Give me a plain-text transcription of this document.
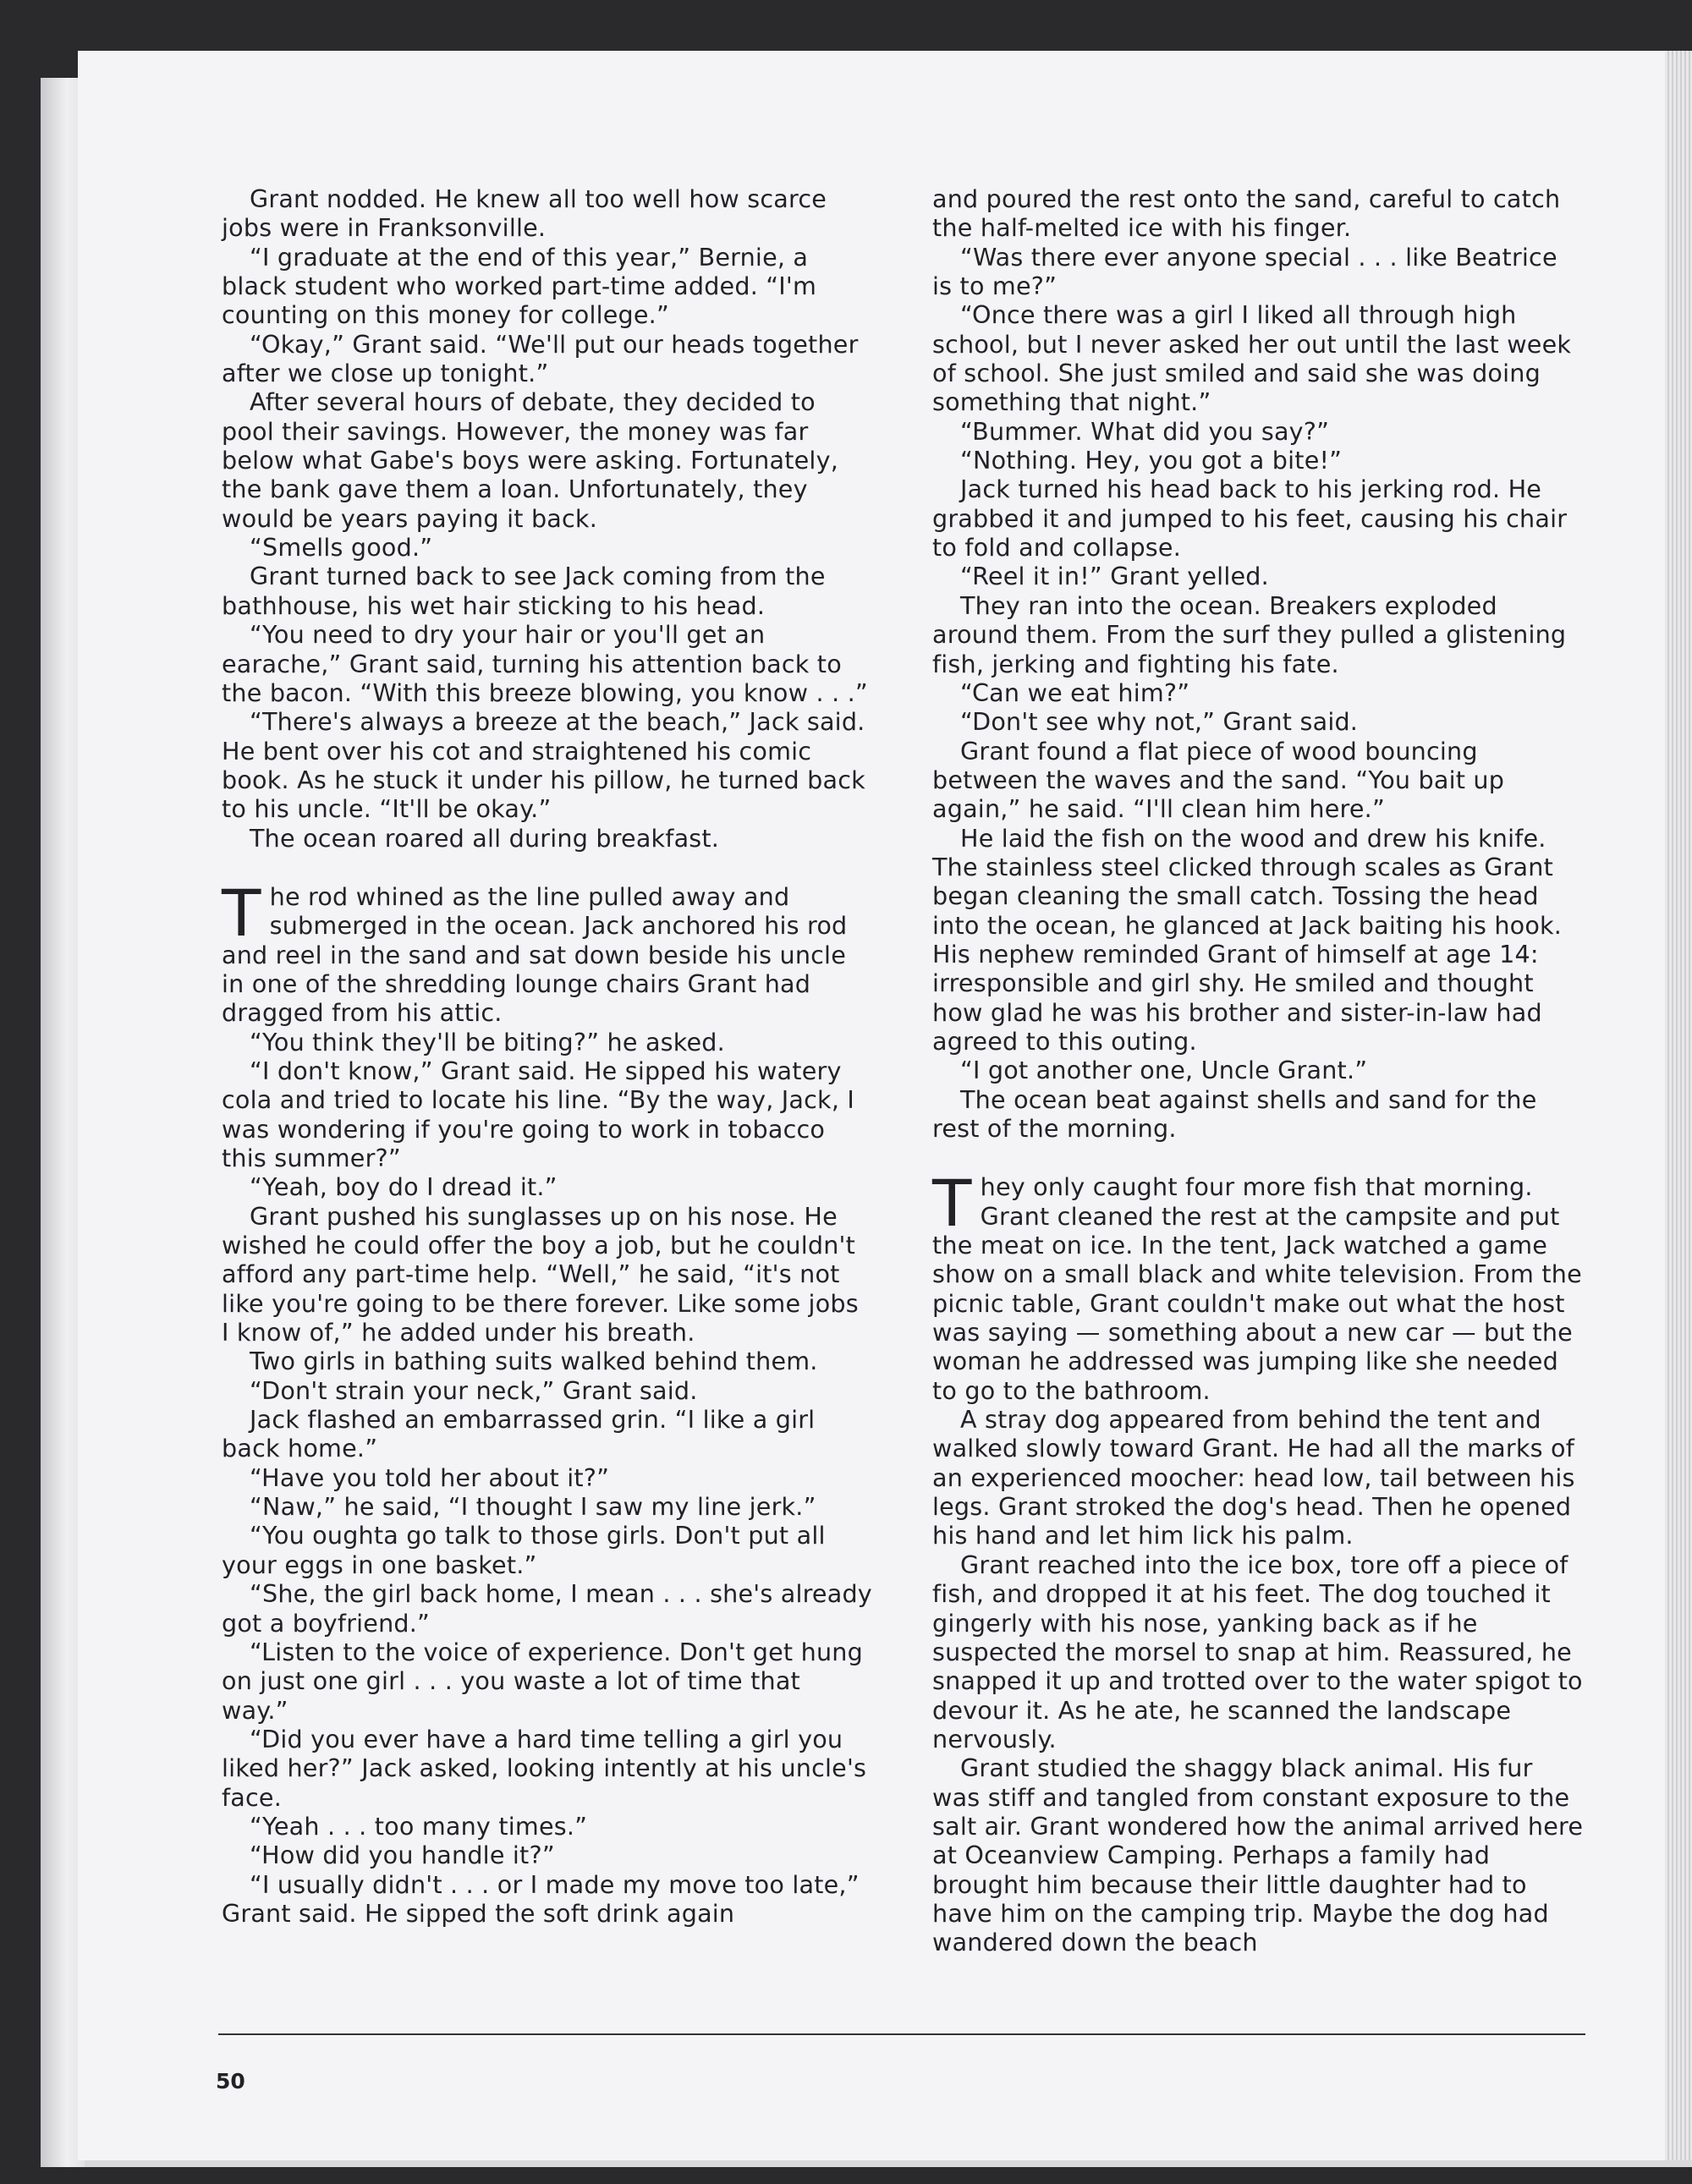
Grant nodded. He knew all too well how scarce jobs were in Franksonville.

“I graduate at the end of this year,” Bernie, a black student who worked part-time added. “I'm counting on this money for college.”

“Okay,” Grant said. “We'll put our heads together after we close up tonight.”

After several hours of debate, they decided to pool their savings. However, the money was far below what Gabe's boys were asking. Fortunately, the bank gave them a loan. Unfortunately, they would be years paying it back.

“Smells good.”

Grant turned back to see Jack coming from the bathhouse, his wet hair sticking to his head.

“You need to dry your hair or you'll get an earache,” Grant said, turning his attention back to the bacon. “With this breeze blowing, you know . . .”

“There's always a breeze at the beach,” Jack said. He bent over his cot and straightened his comic book. As he stuck it under his pillow, he turned back to his uncle. “It'll be okay.”

The ocean roared all during breakfast.

The rod whined as the line pulled away and submerged in the ocean. Jack anchored his rod and reel in the sand and sat down beside his uncle in one of the shredding lounge chairs Grant had dragged from his attic.

“You think they'll be biting?” he asked.

“I don't know,” Grant said. He sipped his watery cola and tried to locate his line. “By the way, Jack, I was wondering if you're going to work in tobacco this summer?”

“Yeah, boy do I dread it.”

Grant pushed his sunglasses up on his nose. He wished he could offer the boy a job, but he couldn't afford any part-time help. “Well,” he said, “it's not like you're going to be there forever. Like some jobs I know of,” he added under his breath.

Two girls in bathing suits walked behind them.

“Don't strain your neck,” Grant said.

Jack flashed an embarrassed grin. “I like a girl back home.”

“Have you told her about it?”

“Naw,” he said, “I thought I saw my line jerk.”

“You oughta go talk to those girls. Don't put all your eggs in one basket.”

“She, the girl back home, I mean . . . she's already got a boyfriend.”

“Listen to the voice of experience. Don't get hung on just one girl . . . you waste a lot of time that way.”

“Did you ever have a hard time telling a girl you liked her?” Jack asked, looking intently at his uncle's face.

“Yeah . . . too many times.”

“How did you handle it?”

“I usually didn't . . . or I made my move too late,” Grant said. He sipped the soft drink again

and poured the rest onto the sand, careful to catch the half-melted ice with his finger.

“Was there ever anyone special . . . like Beatrice is to me?”

“Once there was a girl I liked all through high school, but I never asked her out until the last week of school. She just smiled and said she was doing something that night.”

“Bummer. What did you say?”

“Nothing. Hey, you got a bite!”

Jack turned his head back to his jerking rod. He grabbed it and jumped to his feet, causing his chair to fold and collapse.

“Reel it in!” Grant yelled.

They ran into the ocean. Breakers exploded around them. From the surf they pulled a glistening fish, jerking and fighting his fate.

“Can we eat him?”

“Don't see why not,” Grant said.

Grant found a flat piece of wood bouncing between the waves and the sand. “You bait up again,” he said. “I'll clean him here.”

He laid the fish on the wood and drew his knife. The stainless steel clicked through scales as Grant began cleaning the small catch. Tossing the head into the ocean, he glanced at Jack baiting his hook. His nephew reminded Grant of himself at age 14: irresponsible and girl shy. He smiled and thought how glad he was his brother and sister-in-law had agreed to this outing.

“I got another one, Uncle Grant.”

The ocean beat against shells and sand for the rest of the morning.

They only caught four more fish that morning. Grant cleaned the rest at the campsite and put the meat on ice. In the tent, Jack watched a game show on a small black and white television. From the picnic table, Grant couldn't make out what the host was saying — something about a new car — but the woman he addressed was jumping like she needed to go to the bathroom.

A stray dog appeared from behind the tent and walked slowly toward Grant. He had all the marks of an experienced moocher: head low, tail between his legs. Grant stroked the dog's head. Then he opened his hand and let him lick his palm.

Grant reached into the ice box, tore off a piece of fish, and dropped it at his feet. The dog touched it gingerly with his nose, yanking back as if he suspected the morsel to snap at him. Reassured, he snapped it up and trotted over to the water spigot to devour it. As he ate, he scanned the landscape nervously.

Grant studied the shaggy black animal. His fur was stiff and tangled from constant exposure to the salt air. Grant wondered how the animal arrived here at Oceanview Camping. Perhaps a family had brought him because their little daughter had to have him on the camping trip. Maybe the dog had wandered down the beach

50
